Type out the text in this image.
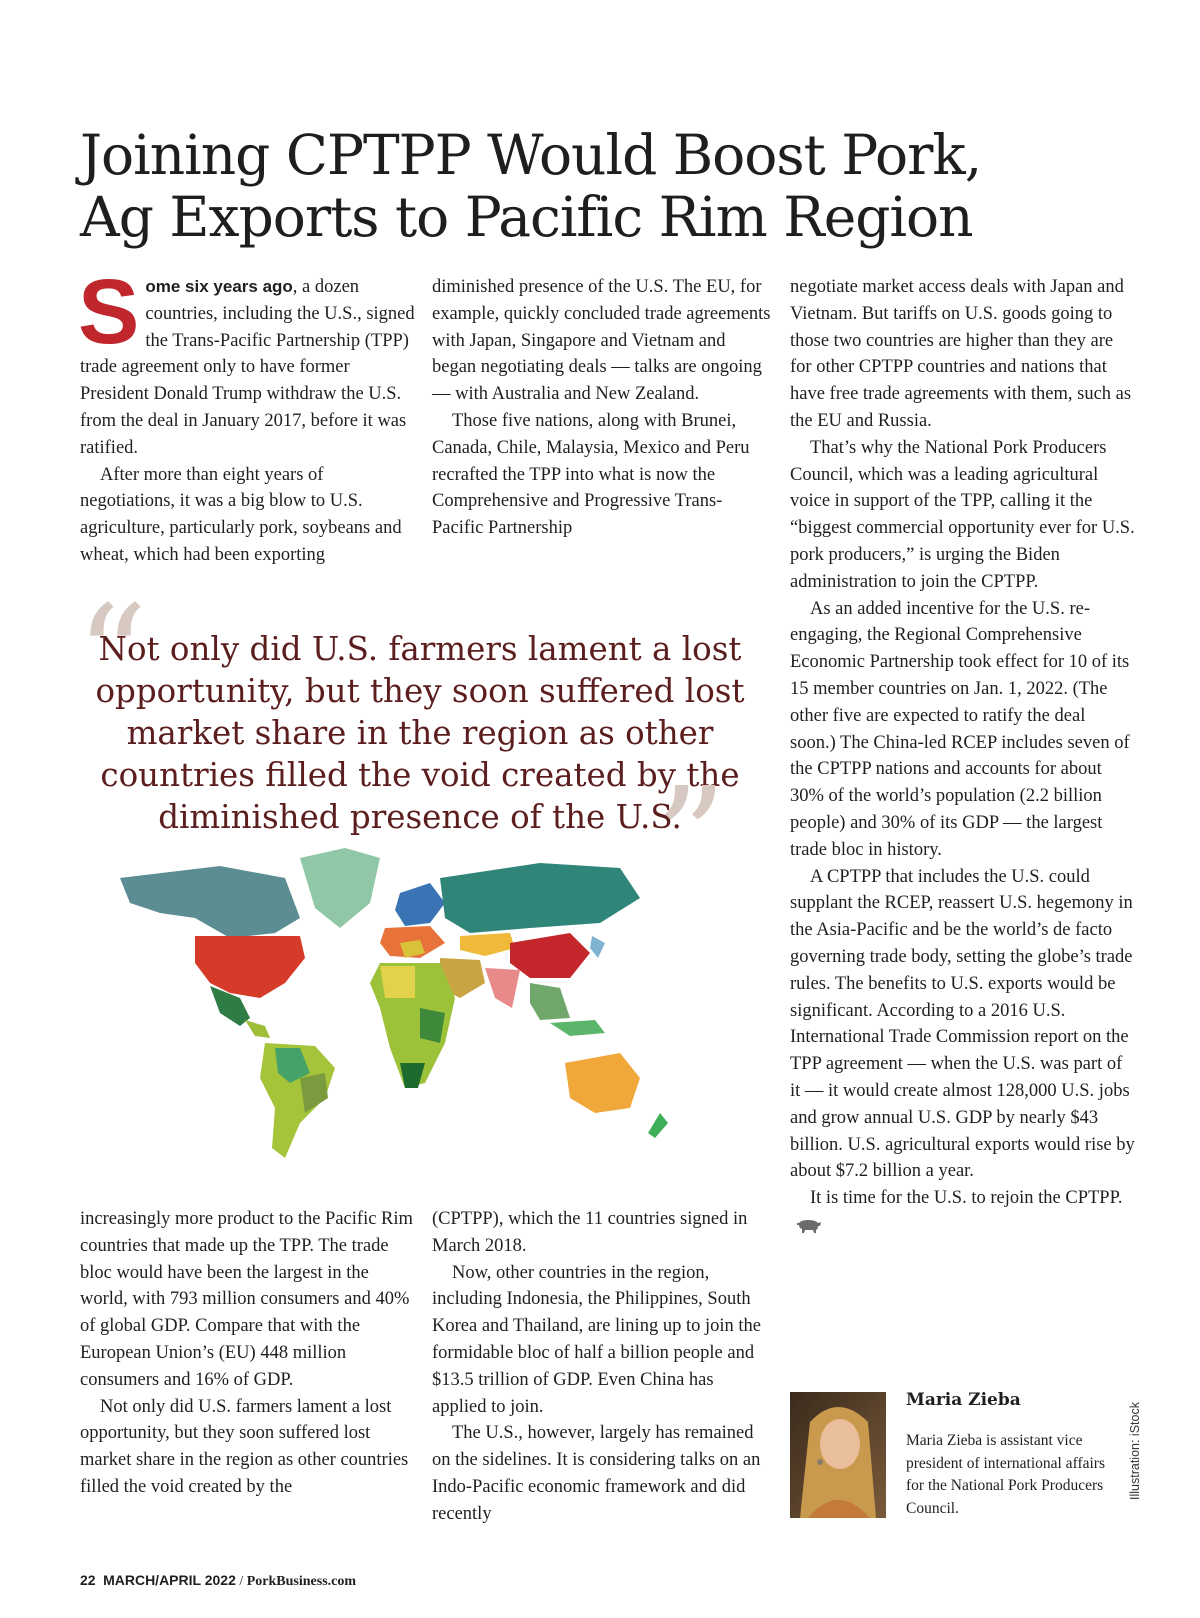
Joining CPTPP Would Boost Pork,
Ag Exports to Pacific Rim Region

Some six years ago, a dozen countries, including the U.S., signed the Trans-Pacific Partnership (TPP) trade agreement only to have former President Donald Trump withdraw the U.S. from the deal in January 2017, before it was ratified.

After more than eight years of negotiations, it was a big blow to U.S. agriculture, particularly pork, soybeans and wheat, which had been exporting

diminished presence of the U.S. The EU, for example, quickly concluded trade agreements with Japan, Singapore and Vietnam and began negotiating deals — talks are ongoing — with Australia and New Zealand.

Those five nations, along with Brunei, Canada, Chile, Malaysia, Mexico and Peru recrafted the TPP into what is now the Comprehensive and Progressive Trans-Pacific Partnership

“

Not only did U.S. farmers lament a lost opportunity, but they soon suffered lost market share in the region as other countries filled the void created by the diminished presence of the U.S.

”

increasingly more product to the Pacific Rim countries that made up the TPP. The trade bloc would have been the largest in the world, with 793 million consumers and 40% of global GDP. Compare that with the European Union’s (EU) 448 million consumers and 16% of GDP.

Not only did U.S. farmers lament a lost opportunity, but they soon suffered lost market share in the region as other countries filled the void created by the

(CPTPP), which the 11 countries signed in March 2018.

Now, other countries in the region, including Indonesia, the Philippines, South Korea and Thailand, are lining up to join the formidable bloc of half a billion people and $13.5 trillion of GDP. Even China has applied to join.

The U.S., however, largely has remained on the sidelines. It is considering talks on an Indo-Pacific economic framework and did recently

negotiate market access deals with Japan and Vietnam. But tariffs on U.S. goods going to those two countries are higher than they are for other CPTPP countries and nations that have free trade agreements with them, such as the EU and Russia.

That’s why the National Pork Producers Council, which was a leading agricultural voice in support of the TPP, calling it the “biggest commercial opportunity ever for U.S. pork producers,” is urging the Biden administration to join the CPTPP.

As an added incentive for the U.S. re-engaging, the Regional Comprehensive Economic Partnership took effect for 10 of its 15 member countries on Jan. 1, 2022. (The other five are expected to ratify the deal soon.) The China-led RCEP includes seven of the CPTPP nations and accounts for about 30% of the world’s population (2.2 billion people) and 30% of its GDP — the largest trade bloc in history.

A CPTPP that includes the U.S. could supplant the RCEP, reassert U.S. hegemony in the Asia-Pacific and be the world’s de facto governing trade body, setting the globe’s trade rules. The benefits to U.S. exports would be significant. According to a 2016 U.S. International Trade Commission report on the TPP agreement — when the U.S. was part of it — it would create almost 128,000 U.S. jobs and grow annual U.S. GDP by nearly $43 billion. U.S. agricultural exports would rise by about $7.2 billion a year.

It is time for the U.S. to rejoin the CPTPP.

Maria Zieba
Maria Zieba is assistant vice president of international affairs for the National Pork Producers Council.
Illustration: iStock
22 MARCH/APRIL 2022 / PorkBusiness.com
